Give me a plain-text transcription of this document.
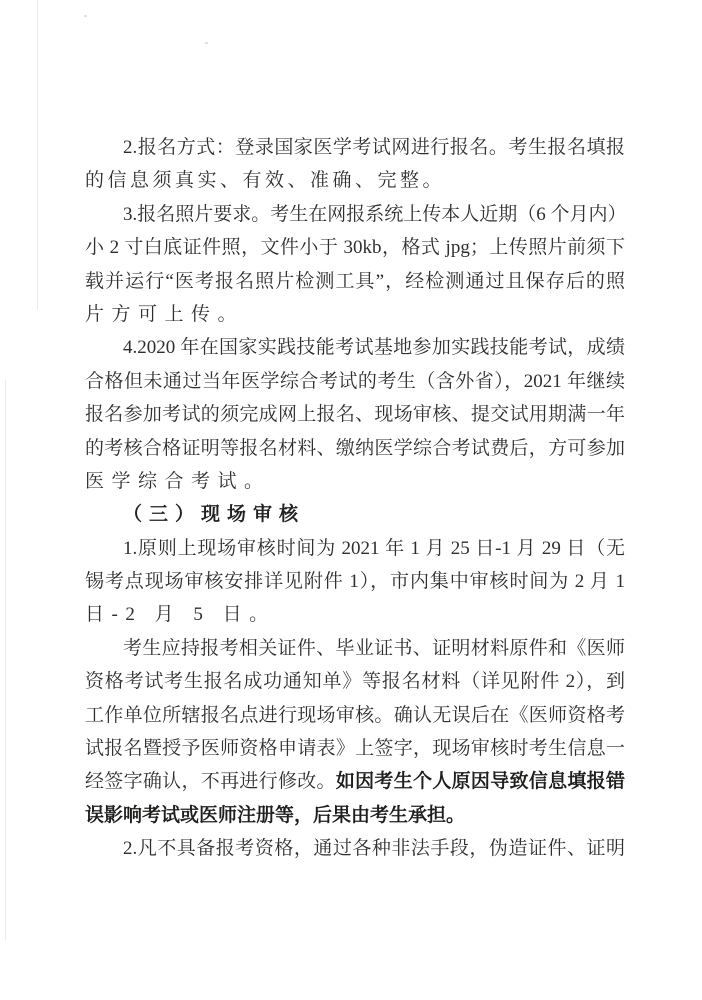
2.报名方式：登录国家医学考试网进行报名。考生报名填报
的信息须真实、有效、准确、完整。
3.报名照片要求。考生在网报系统上传本人近期（6 个月内）
小 2 寸白底证件照，文件小于 30kb，格式 jpg；上传照片前须下
载并运行“医考报名照片检测工具”，经检测通过且保存后的照
片方可上传。
4.2020 年在国家实践技能考试基地参加实践技能考试，成绩
合格但未通过当年医学综合考试的考生（含外省），2021 年继续
报名参加考试的须完成网上报名、现场审核、提交试用期满一年
的考核合格证明等报名材料、缴纳医学综合考试费后，方可参加
医学综合考试。
（三）现场审核
1.原则上现场审核时间为 2021 年 1 月 25 日-1 月 29 日（无
锡考点现场审核安排详见附件 1），市内集中审核时间为 2 月 1
日-2 月 5 日。
考生应持报考相关证件、毕业证书、证明材料原件和《医师
资格考试考生报名成功通知单》等报名材料（详见附件 2），到
工作单位所辖报名点进行现场审核。确认无误后在《医师资格考
试报名暨授予医师资格申请表》上签字，现场审核时考生信息一
经签字确认，不再进行修改。如因考生个人原因导致信息填报错
误影响考试或医师注册等，后果由考生承担。
2.凡不具备报考资格，通过各种非法手段，伪造证件、证明
